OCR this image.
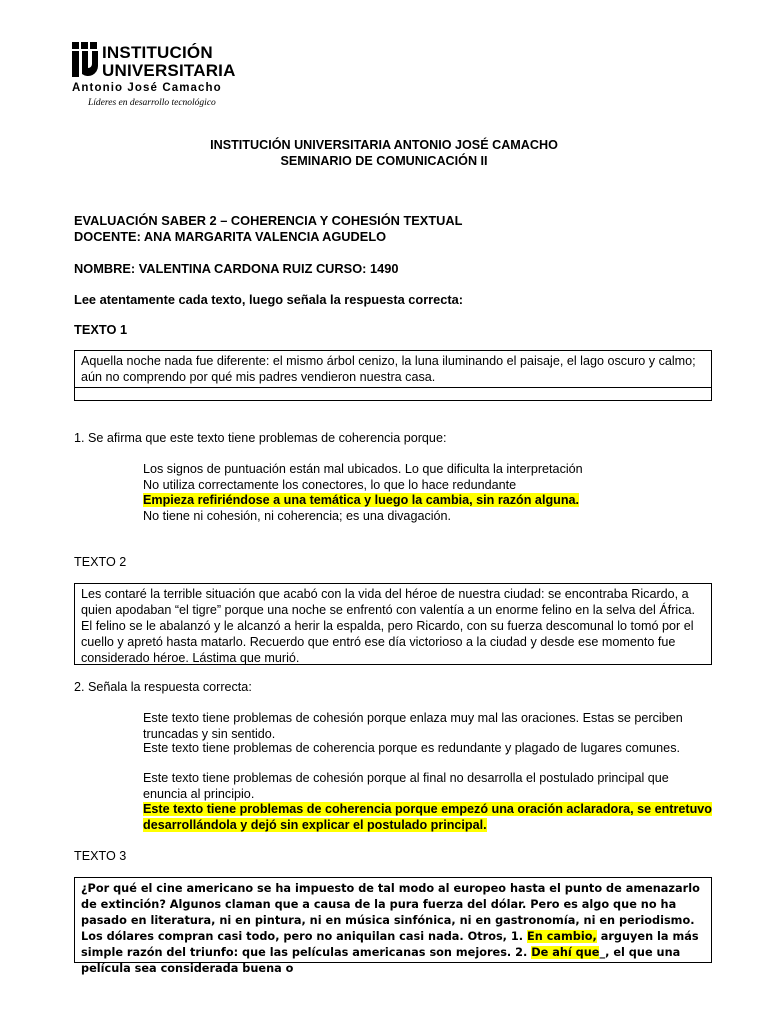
INSTITUCIÓN
UNIVERSITARIA
Antonio José Camacho
Líderes en desarrollo tecnológico
INSTITUCIÓN UNIVERSITARIA ANTONIO JOSÉ CAMACHO
SEMINARIO DE COMUNICACIÓN II
EVALUACIÓN SABER 2 – COHERENCIA Y COHESIÓN TEXTUAL
DOCENTE: ANA MARGARITA VALENCIA AGUDELO
NOMBRE: VALENTINA CARDONA RUIZ CURSO: 1490
Lee atentamente cada texto, luego señala la respuesta correcta:
TEXTO 1
Aquella noche nada fue diferente: el mismo árbol cenizo, la luna iluminando el paisaje, el lago oscuro y calmo; aún no comprendo por qué mis padres vendieron nuestra casa.
1. Se afirma que este texto tiene problemas de coherencia porque:
Los signos de puntuación están mal ubicados. Lo que dificulta la interpretación
No utiliza correctamente los conectores, lo que lo hace redundante
Empieza refiriéndose a una temática y luego la cambia, sin razón alguna.
No tiene ni cohesión, ni coherencia; es una divagación.
TEXTO 2
Les contaré la terrible situación que acabó con la vida del héroe de nuestra ciudad: se encontraba Ricardo, a quien apodaban “el tigre” porque una noche se enfrentó con valentía a un enorme felino en la selva del África. El felino se le abalanzó y le alcanzó a herir la espalda, pero Ricardo, con su fuerza descomunal lo tomó por el cuello y apretó hasta matarlo. Recuerdo que entró ese día victorioso a la ciudad y desde ese momento fue considerado héroe. Lástima que murió.
2. Señala la respuesta correcta:
Este texto tiene problemas de cohesión porque enlaza muy mal las oraciones. Estas se perciben truncadas y sin sentido.
Este texto tiene problemas de coherencia porque es redundante y plagado de lugares comunes.
Este texto tiene problemas de cohesión porque al final no desarrolla el postulado principal que enuncia al principio.
Este texto tiene problemas de coherencia porque empezó una oración aclaradora, se entretuvo desarrollándola y dejó sin explicar el postulado principal.
TEXTO 3
¿Por qué el cine americano se ha impuesto de tal modo al europeo hasta el punto de amenazarlo de extinción? Algunos claman que a causa de la pura fuerza del dólar. Pero es algo que no ha pasado en literatura, ni en pintura, ni en música sinfónica, ni en gastronomía, ni en periodismo. Los dólares compran casi todo, pero no aniquilan casi nada. Otros, 1. En cambio, arguyen la más simple razón del triunfo: que las películas americanas son mejores. 2. De ahí que_, el que una película sea considerada buena o
